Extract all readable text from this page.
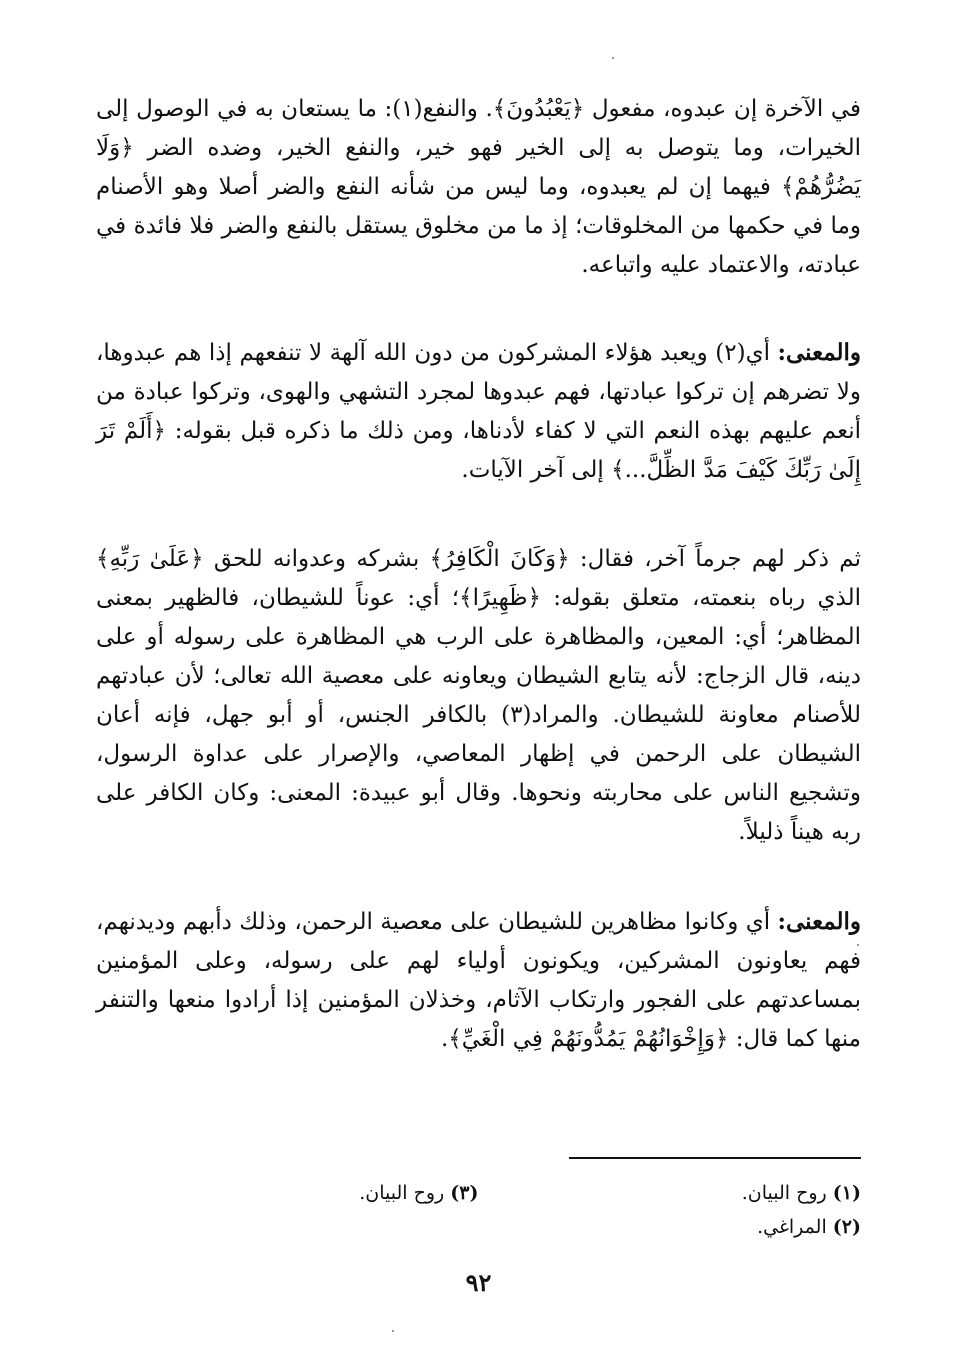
في الآخرة إن عبدوه، مفعول ﴿يَعْبُدُونَ﴾. والنفع(١): ما يستعان به في الوصول إلى الخيرات، وما يتوصل به إلى الخير فهو خير، والنفع الخير، وضده الضر ﴿وَلَا يَضُرُّهُمْ﴾ فيهما إن لم يعبدوه، وما ليس من شأنه النفع والضر أصلا وهو الأصنام وما في حكمها من المخلوقات؛ إذ ما من مخلوق يستقل بالنفع والضر فلا فائدة في عبادته، والاعتماد عليه واتباعه.

والمعنى: أي(٢) ويعبد هؤلاء المشركون من دون الله آلهة لا تنفعهم إذا هم عبدوها، ولا تضرهم إن تركوا عبادتها، فهم عبدوها لمجرد التشهي والهوى، وتركوا عبادة من أنعم عليهم بهذه النعم التي لا كفاء لأدناها، ومن ذلك ما ذكره قبل بقوله: ﴿أَلَمْ تَرَ إِلَىٰ رَبِّكَ كَيْفَ مَدَّ الظِّلَّ...﴾ إلى آخر الآيات.

ثم ذكر لهم جرماً آخر، فقال: ﴿وَكَانَ الْكَافِرُ﴾ بشركه وعدوانه للحق ﴿عَلَىٰ رَبِّهِ﴾ الذي رباه بنعمته، متعلق بقوله: ﴿ظَهِيرًا﴾؛ أي: عوناً للشيطان، فالظهير بمعنى المظاهر؛ أي: المعين، والمظاهرة على الرب هي المظاهرة على رسوله أو على دينه، قال الزجاج: لأنه يتابع الشيطان ويعاونه على معصية الله تعالى؛ لأن عبادتهم للأصنام معاونة للشيطان. والمراد(٣) بالكافر الجنس، أو أبو جهل، فإنه أعان الشيطان على الرحمن في إظهار المعاصي، والإصرار على عداوة الرسول، وتشجيع الناس على محاربته ونحوها. وقال أبو عبيدة: المعنى: وكان الكافر على ربه هيناً ذليلاً.

والمعنى: أي وكانوا مظاهرين للشيطان على معصية الرحمن، وذلك دأبهم وديدنهم، فهم يعاونون المشركين، ويكونون أولياء لهم على رسوله، وعلى المؤمنين بمساعدتهم على الفجور وارتكاب الآثام، وخذلان المؤمنين إذا أرادوا منعها والتنفر منها كما قال: ﴿وَإِخْوَانُهُمْ يَمُدُّونَهُمْ فِي الْغَيِّ﴾.

(١) روح البيان.
(٣) روح البيان.
(٢) المراغي.
٩٢
